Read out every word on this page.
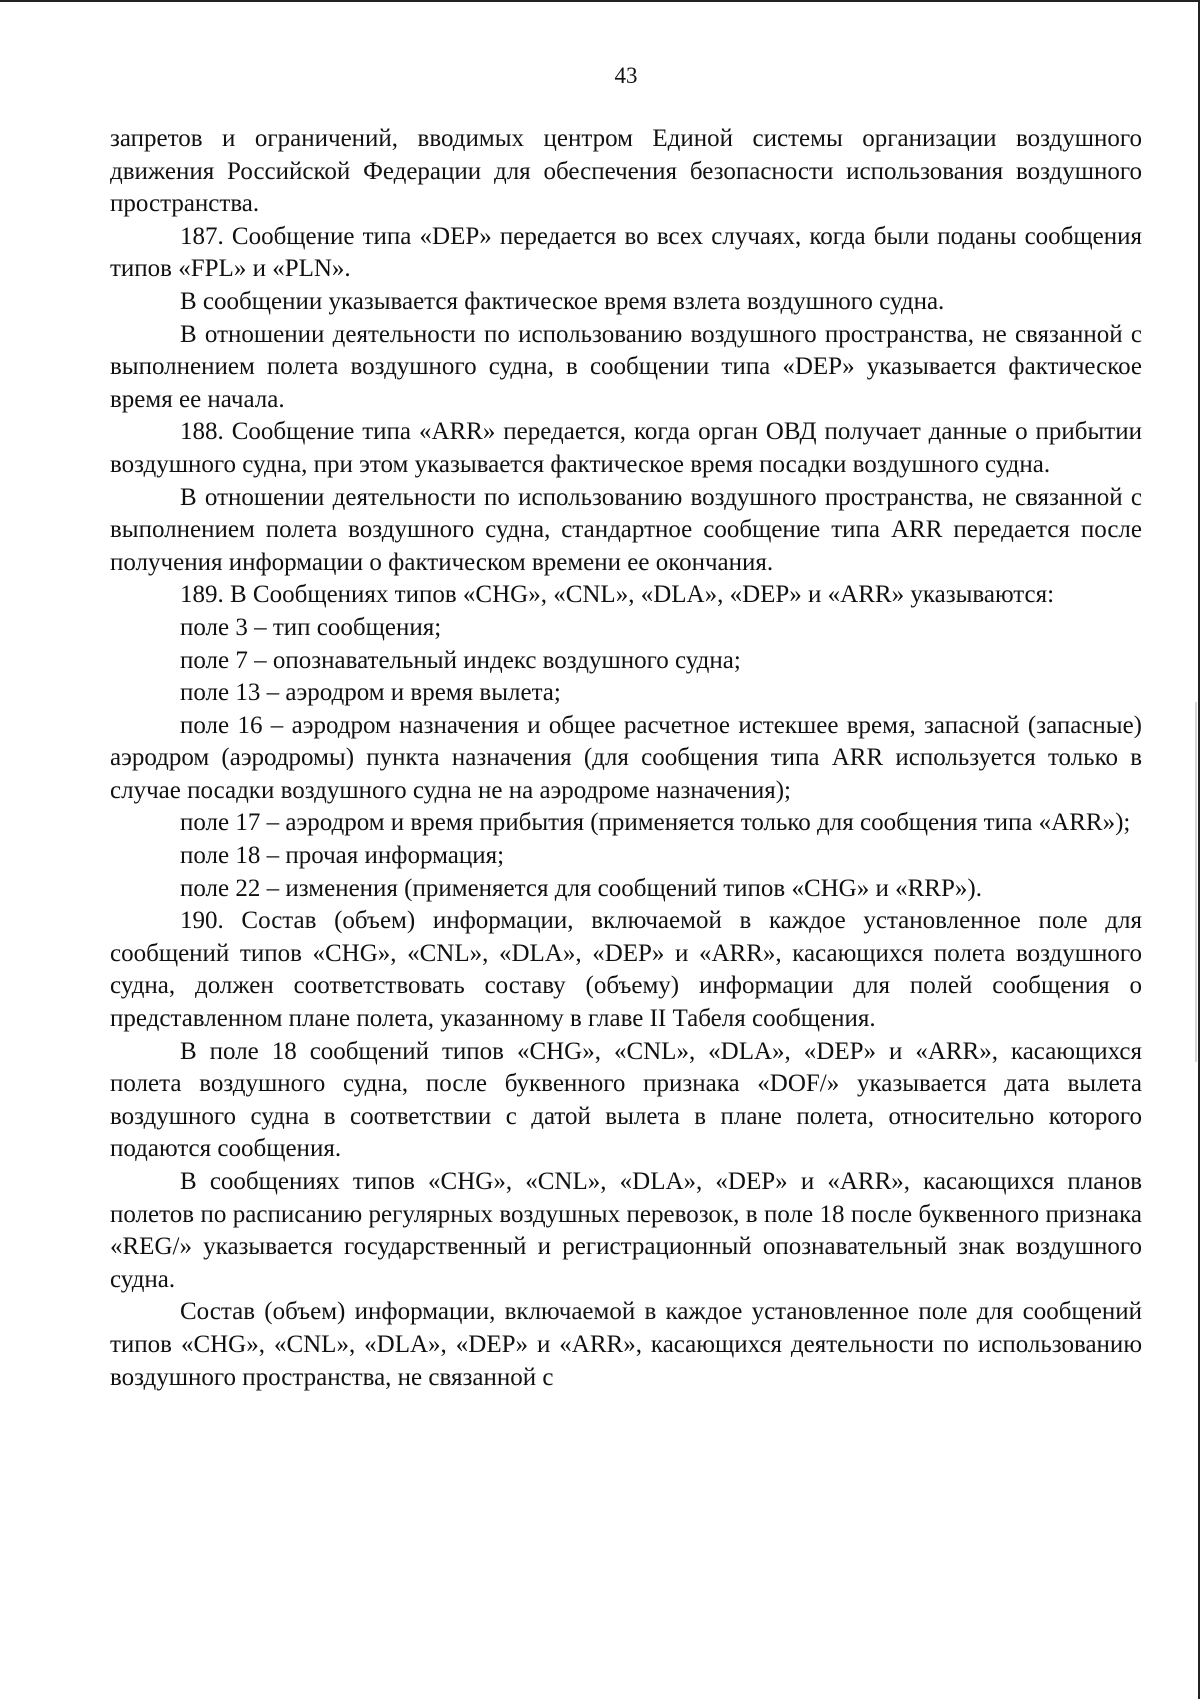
43

запретов и ограничений, вводимых центром Единой системы организации воздушного движения Российской Федерации для обеспечения безопасности использования воздушного пространства.

187. Сообщение типа «DEP» передается во всех случаях, когда были поданы сообщения типов «FPL» и «PLN».

В сообщении указывается фактическое время взлета воздушного судна.

В отношении деятельности по использованию воздушного пространства, не связанной с выполнением полета воздушного судна, в сообщении типа «DEP» указывается фактическое время ее начала.

188. Сообщение типа «ARR» передается, когда орган ОВД получает данные о прибытии воздушного судна, при этом указывается фактическое время посадки воздушного судна.

В отношении деятельности по использованию воздушного пространства, не связанной с выполнением полета воздушного судна, стандартное сообщение типа ARR передается после получения информации о фактическом времени ее окончания.

189. В Сообщениях типов «CHG», «CNL», «DLA», «DEP» и «ARR» указываются:

поле 3 – тип сообщения;

поле 7 – опознавательный индекс воздушного судна;

поле 13 – аэродром и время вылета;

поле 16 – аэродром назначения и общее расчетное истекшее время, запасной (запасные) аэродром (аэродромы) пункта назначения (для сообщения типа ARR используется только в случае посадки воздушного судна не на аэродроме назначения);

поле 17 – аэродром и время прибытия (применяется только для сообщения типа «ARR»);

поле 18 – прочая информация;

поле 22 – изменения (применяется для сообщений типов «CHG» и «RRP»).

190. Состав (объем) информации, включаемой в каждое установленное поле для сообщений типов «CHG», «CNL», «DLA», «DEP» и «ARR», касающихся полета воздушного судна, должен соответствовать составу (объему) информации для полей сообщения о представленном плане полета, указанному в главе II Табеля сообщения.

В поле 18 сообщений типов «CHG», «CNL», «DLA», «DEP» и «ARR», касающихся полета воздушного судна, после буквенного признака «DOF/» указывается дата вылета воздушного судна в соответствии с датой вылета в плане полета, относительно которого подаются сообщения.

В сообщениях типов «CHG», «CNL», «DLA», «DEP» и «ARR», касающихся планов полетов по расписанию регулярных воздушных перевозок, в поле 18 после буквенного признака «REG/» указывается государственный и регистрационный опознавательный знак воздушного судна.

Состав (объем) информации, включаемой в каждое установленное поле для сообщений типов «CHG», «CNL», «DLA», «DEP» и «ARR», касающихся деятельности по использованию воздушного пространства, не связанной с
